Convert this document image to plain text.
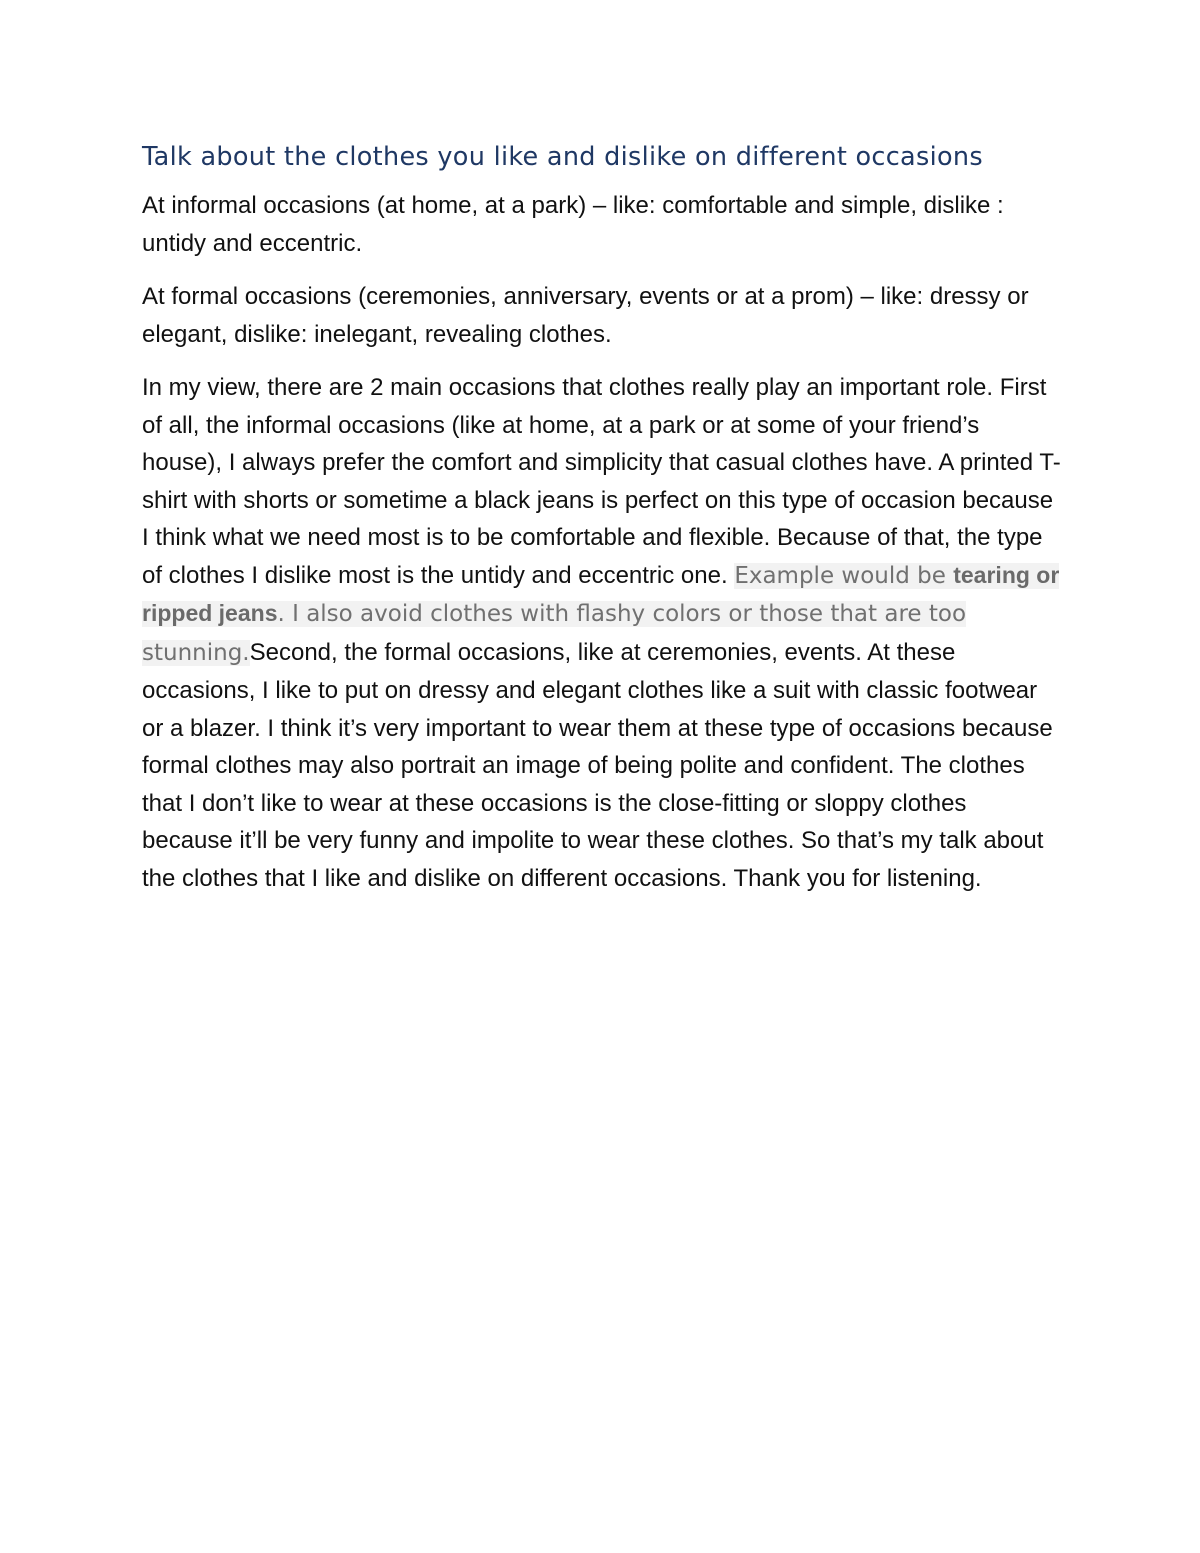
Talk about the clothes you like and dislike on different occasions

At informal occasions (at home, at a park) – like: comfortable and simple, dislike : untidy and eccentric.

At formal occasions (ceremonies, anniversary, events or at a prom) – like: dressy or elegant, dislike: inelegant, revealing clothes.

In my view, there are 2 main occasions that clothes really play an important role. First of all, the informal occasions (like at home, at a park or at some of your friend’s house), I always prefer the comfort and simplicity that casual clothes have. A printed T-shirt with shorts or sometime a black jeans is perfect on this type of occasion because I think what we need most is to be comfortable and flexible. Because of that, the type of clothes I dislike most is the untidy and eccentric one. Example would be tearing or ripped jeans. I also avoid clothes with flashy colors or those that are too stunning.Second, the formal occasions, like at ceremonies, events. At these occasions, I like to put on dressy and elegant clothes like a suit with classic footwear or a blazer. I think it’s very important to wear them at these type of occasions because formal clothes may also portrait an image of being polite and confident. The clothes that I don’t like to wear at these occasions is the close-fitting or sloppy clothes because it’ll be very funny and impolite to wear these clothes. So that’s my talk about the clothes that I like and dislike on different occasions. Thank you for listening.
